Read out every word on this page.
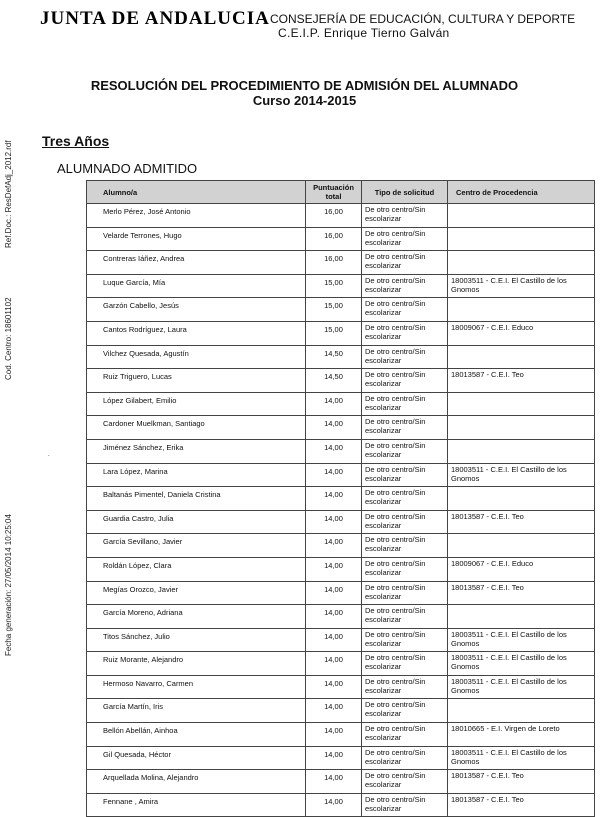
JUNTA DE ANDALUCIA CONSEJERÍA DE EDUCACIÓN, CULTURA Y DEPORTE
C.E.I.P. Enrique Tierno Galván
RESOLUCIÓN DEL PROCEDIMIENTO DE ADMISIÓN DEL ALUMNADO
Curso 2014-2015
Ref.Doc.: ResDefAdj_2012.rdf
Cod. Centro: 18601102
Fecha generación: 27/05/2014 10:25:04
.
Tres Años
ALUMNADO ADMITIDO
Alumno/a	Puntuación total	Tipo de solicitud	Centro de Procedencia
Merlo Pérez, José Antonio	16,00	De otro centro/Sin escolarizar	
Velarde Terrones, Hugo	16,00	De otro centro/Sin escolarizar	
Contreras Iáñez, Andrea	16,00	De otro centro/Sin escolarizar	
Luque García, Mía	15,00	De otro centro/Sin escolarizar	18003511 - C.E.I. El Castillo de los Gnomos
Garzón Cabello, Jesús	15,00	De otro centro/Sin escolarizar	
Cantos Rodríguez, Laura	15,00	De otro centro/Sin escolarizar	18009067 - C.E.I. Educo
Vilchez Quesada, Agustín	14,50	De otro centro/Sin escolarizar	
Ruiz Triguero, Lucas	14,50	De otro centro/Sin escolarizar	18013587 - C.E.I. Teo
López Gilabert, Emilio	14,00	De otro centro/Sin escolarizar	
Cardoner Muelkman, Santiago	14,00	De otro centro/Sin escolarizar	
Jiménez Sánchez, Erika	14,00	De otro centro/Sin escolarizar	
Lara López, Marina	14,00	De otro centro/Sin escolarizar	18003511 - C.E.I. El Castillo de los Gnomos
Baltanás Pimentel, Daniela Cristina	14,00	De otro centro/Sin escolarizar	
Guardia Castro, Julia	14,00	De otro centro/Sin escolarizar	18013587 - C.E.I. Teo
García Sevillano, Javier	14,00	De otro centro/Sin escolarizar	
Roldán López, Clara	14,00	De otro centro/Sin escolarizar	18009067 - C.E.I. Educo
Megías Orozco, Javier	14,00	De otro centro/Sin escolarizar	18013587 - C.E.I. Teo
García Moreno, Adriana	14,00	De otro centro/Sin escolarizar	
Titos Sánchez, Julio	14,00	De otro centro/Sin escolarizar	18003511 - C.E.I. El Castillo de los Gnomos
Ruiz Morante, Alejandro	14,00	De otro centro/Sin escolarizar	18003511 - C.E.I. El Castillo de los Gnomos
Hermoso Navarro, Carmen	14,00	De otro centro/Sin escolarizar	18003511 - C.E.I. El Castillo de los Gnomos
García Martín, Iris	14,00	De otro centro/Sin escolarizar	
Bellón Abellán, Ainhoa	14,00	De otro centro/Sin escolarizar	18010665 - E.I. Virgen de Loreto
Gil Quesada, Héctor	14,00	De otro centro/Sin escolarizar	18003511 - C.E.I. El Castillo de los Gnomos
Arquellada Molina, Alejandro	14,00	De otro centro/Sin escolarizar	18013587 - C.E.I. Teo
Fennane , Amira	14,00	De otro centro/Sin escolarizar	18013587 - C.E.I. Teo
